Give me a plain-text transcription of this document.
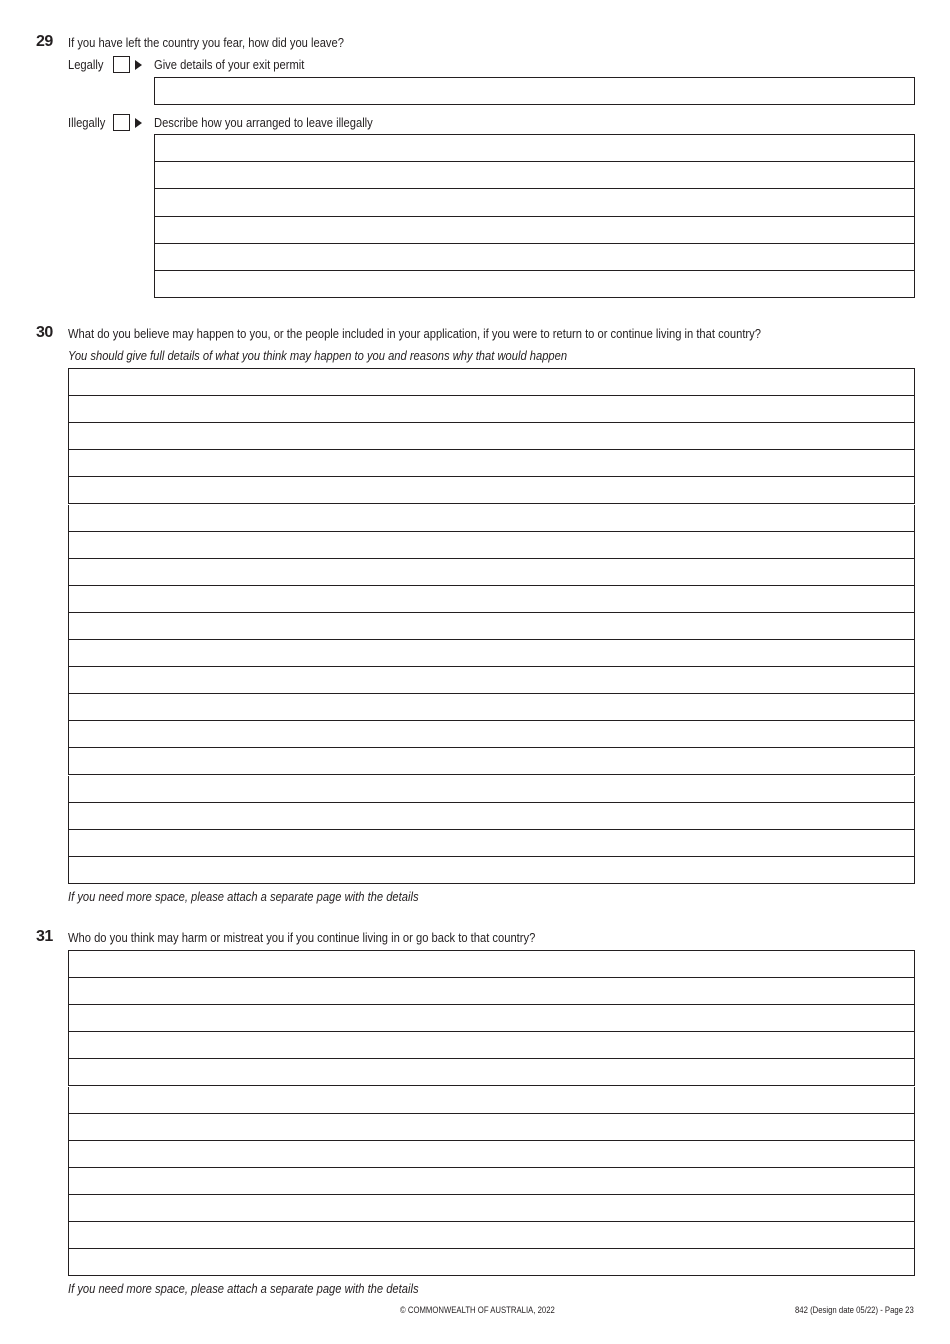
29 If you have left the country you fear, how did you leave?
Legally	Give details of your exit permit
Illegally	Describe how you arranged to leave illegally
30 What do you believe may happen to you, or the people included in your application, if you were to return to or continue living in that country?
You should give full details of what you think may happen to you and reasons why that would happen
If you need more space, please attach a separate page with the details
31 Who do you think may harm or mistreat you if you continue living in or go back to that country?
If you need more space, please attach a separate page with the details
© COMMONWEALTH OF AUSTRALIA, 2022	842 (Design date 05/22) - Page 23
